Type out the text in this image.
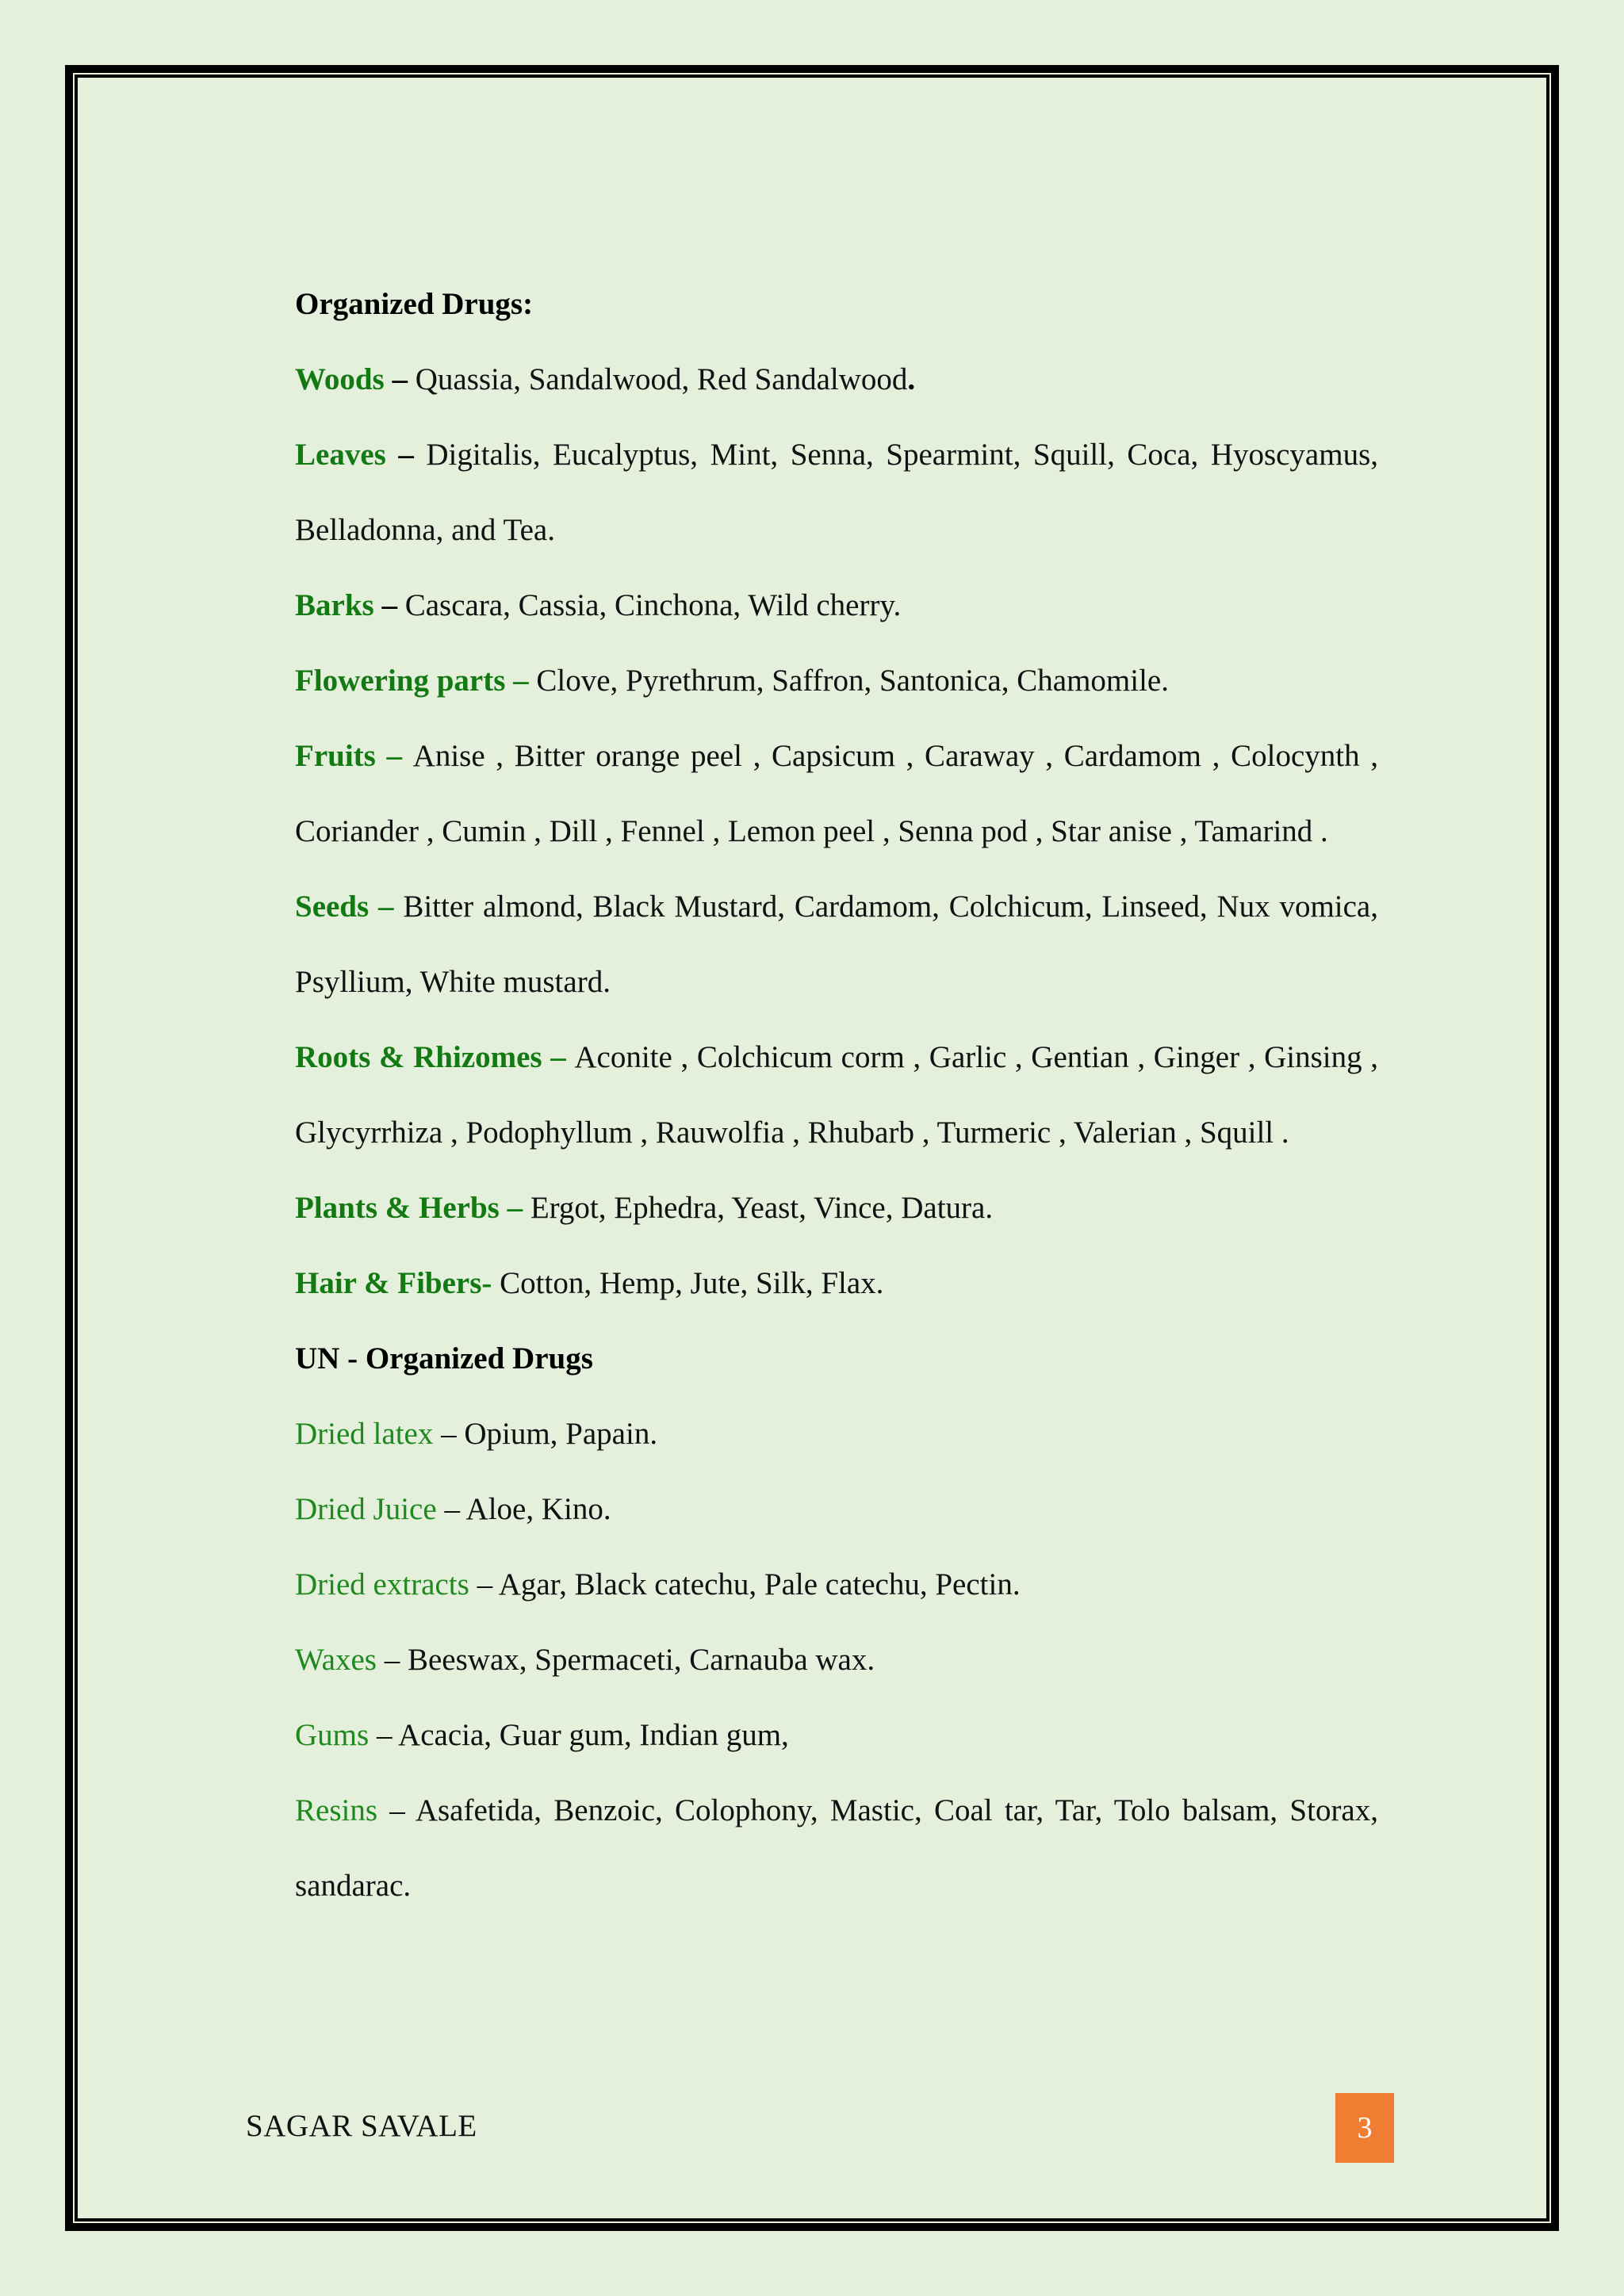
Organized Drugs:

Woods – Quassia, Sandalwood, Red Sandalwood.

Leaves – Digitalis, Eucalyptus, Mint, Senna, Spearmint, Squill, Coca, Hyoscyamus, Belladonna, and Tea.

Barks – Cascara, Cassia, Cinchona, Wild cherry.

Flowering parts – Clove, Pyrethrum, Saffron, Santonica, Chamomile.

Fruits – Anise , Bitter orange peel , Capsicum , Caraway , Cardamom , Colocynth , Coriander , Cumin , Dill , Fennel , Lemon peel , Senna pod , Star anise , Tamarind .

Seeds – Bitter almond, Black Mustard, Cardamom, Colchicum, Linseed, Nux vomica, Psyllium, White mustard.

Roots & Rhizomes – Aconite , Colchicum corm , Garlic , Gentian , Ginger , Ginsing , Glycyrrhiza , Podophyllum , Rauwolfia , Rhubarb , Turmeric , Valerian , Squill .

Plants & Herbs – Ergot, Ephedra, Yeast, Vince, Datura.

Hair & Fibers- Cotton, Hemp, Jute, Silk, Flax.

UN - Organized Drugs

Dried latex – Opium, Papain.

Dried Juice – Aloe, Kino.

Dried extracts – Agar, Black catechu, Pale catechu, Pectin.

Waxes – Beeswax, Spermaceti, Carnauba wax.

Gums – Acacia, Guar gum, Indian gum,

Resins – Asafetida, Benzoic, Colophony, Mastic, Coal tar, Tar, Tolo balsam, Storax, sandarac.

SAGAR SAVALE	3
